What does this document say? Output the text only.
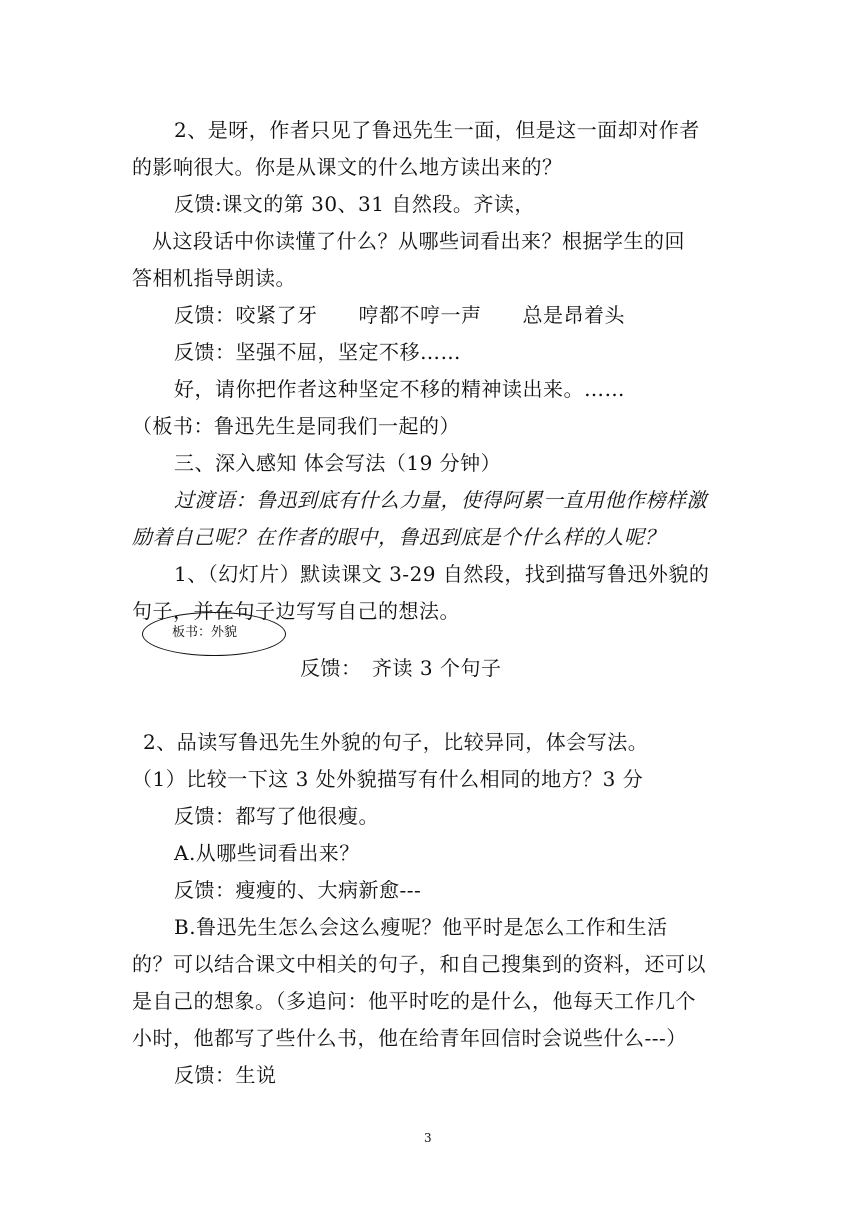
2、是呀，作者只见了鲁迅先生一面，但是这一面却对作者
的影响很大。你是从课文的什么地方读出来的？
反馈:课文的第 30、31 自然段。齐读，
从这段话中你读懂了什么？从哪些词看出来？根据学生的回
答相机指导朗读。
反馈：咬紧了牙　　哼都不哼一声　　总是昂着头
反馈：坚强不屈，坚定不移……
好，请你把作者这种坚定不移的精神读出来。……
（板书：鲁迅先生是同我们一起的）
三、深入感知 体会写法（19 分钟）
过渡语：鲁迅到底有什么力量，使得阿累一直用他作榜样激
励着自己呢？在作者的眼中，鲁迅到底是个什么样的人呢？
1、（幻灯片）默读课文 3-29 自然段，找到描写鲁迅外貌的
句子，并在句子边写写自己的想法。
板书：外貌
反馈：　齐读 3 个句子
2、品读写鲁迅先生外貌的句子，比较异同，体会写法。
（1）比较一下这 3 处外貌描写有什么相同的地方？3 分
反馈：都写了他很瘦。
A.从哪些词看出来？
反馈：瘦瘦的、大病新愈---
B.鲁迅先生怎么会这么瘦呢？他平时是怎么工作和生活
的？可以结合课文中相关的句子，和自己搜集到的资料，还可以
是自己的想象。（多追问：他平时吃的是什么，他每天工作几个
小时，他都写了些什么书，他在给青年回信时会说些什么---）
反馈：生说
3
